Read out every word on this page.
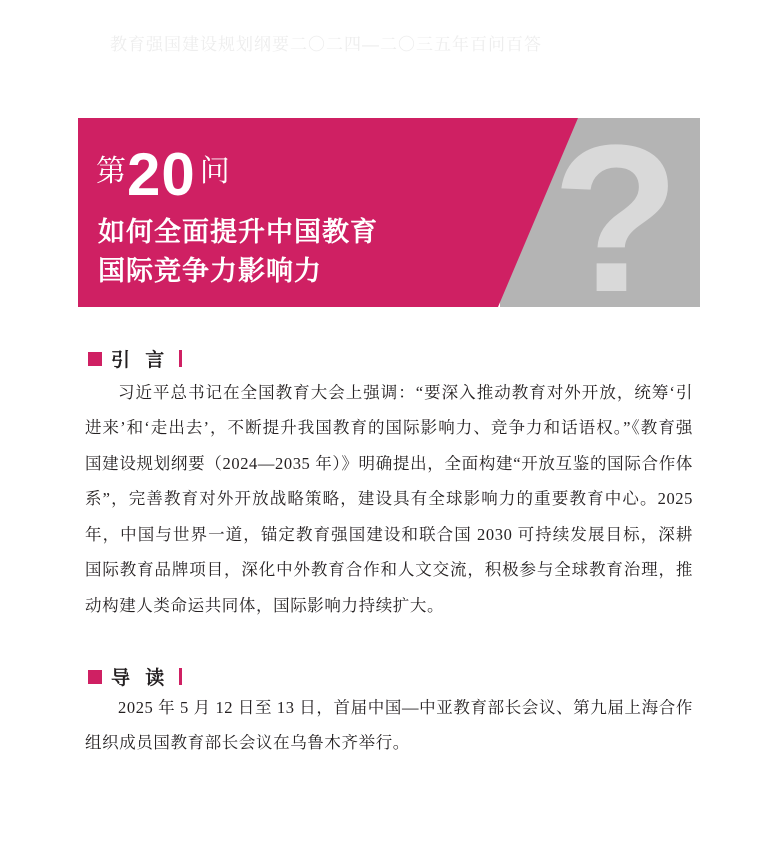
教育强国建设规划纲要二〇二四—二〇三五年百问百答
?
第20 问
如何全面提升中国教育
国际竞争力影响力
引 言
习近平总书记在全国教育大会上强调：“要深入推动教育对外开放，统筹‘引进来’和‘走出去’，不断提升我国教育的国际影响力、竞争力和话语权。”《教育强国建设规划纲要（2024—2035 年）》明确提出，全面构建“开放互鉴的国际合作体系”，完善教育对外开放战略策略，建设具有全球影响力的重要教育中心。2025 年，中国与世界一道，锚定教育强国建设和联合国 2030 可持续发展目标，深耕国际教育品牌项目，深化中外教育合作和人文交流，积极参与全球教育治理，推动构建人类命运共同体，国际影响力持续扩大。
导 读
2025 年 5 月 12 日至 13 日，首届中国—中亚教育部长会议、第九届上海合作组织成员国教育部长会议在乌鲁木齐举行。
